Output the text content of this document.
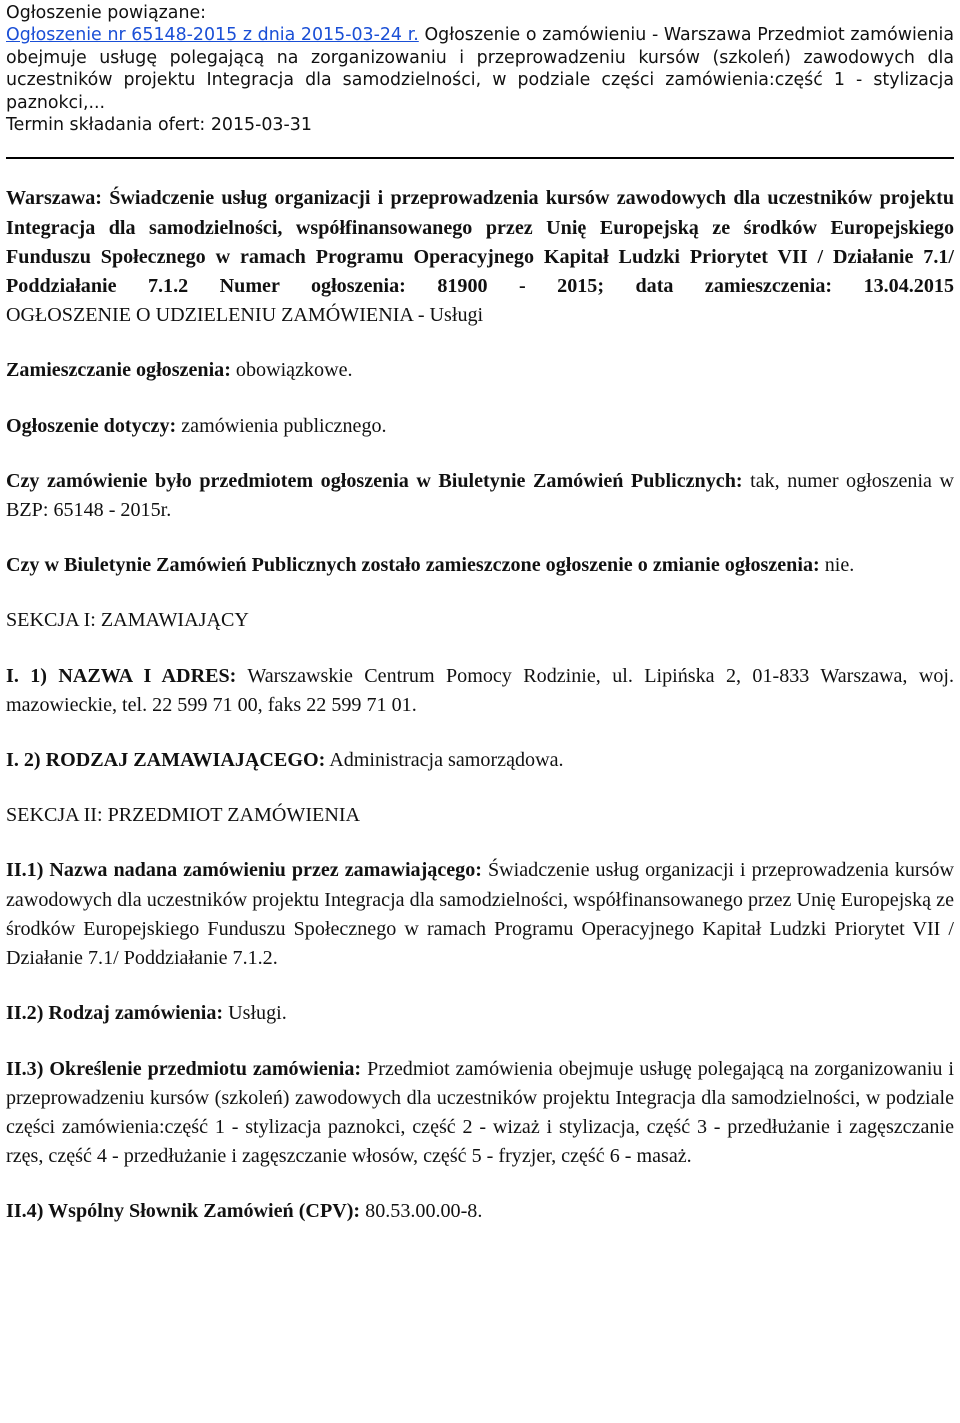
Ogłoszenie powiązane:
Ogłoszenie nr 65148-2015 z dnia 2015-03-24 r. Ogłoszenie o zamówieniu - Warszawa Przedmiot zamówienia obejmuje usługę polegającą na zorganizowaniu i przeprowadzeniu kursów (szkoleń) zawodowych dla uczestników projektu Integracja dla samodzielności, w podziale części zamówienia:część 1 - stylizacja paznokci,...
Termin składania ofert: 2015-03-31

Warszawa: Świadczenie usług organizacji i przeprowadzenia kursów zawodowych dla uczestników projektu Integracja dla samodzielności, współfinansowanego przez Unię Europejską ze środków Europejskiego Funduszu Społecznego w ramach Programu Operacyjnego Kapitał Ludzki Priorytet VII / Działanie 7.1/ Poddziałanie 7.1.2 Numer ogłoszenia: 81900 - 2015; data zamieszczenia: 13.04.2015

OGŁOSZENIE O UDZIELENIU ZAMÓWIENIA - Usługi

Zamieszczanie ogłoszenia: obowiązkowe.

Ogłoszenie dotyczy: zamówienia publicznego.

Czy zamówienie było przedmiotem ogłoszenia w Biuletynie Zamówień Publicznych: tak, numer ogłoszenia w BZP: 65148 - 2015r.

Czy w Biuletynie Zamówień Publicznych zostało zamieszczone ogłoszenie o zmianie ogłoszenia: nie.

SEKCJA I: ZAMAWIAJĄCY

I. 1) NAZWA I ADRES: Warszawskie Centrum Pomocy Rodzinie, ul. Lipińska 2, 01-833 Warszawa, woj. mazowieckie, tel. 22 599 71 00, faks 22 599 71 01.

I. 2) RODZAJ ZAMAWIAJĄCEGO: Administracja samorządowa.

SEKCJA II: PRZEDMIOT ZAMÓWIENIA

II.1) Nazwa nadana zamówieniu przez zamawiającego: Świadczenie usług organizacji i przeprowadzenia kursów zawodowych dla uczestników projektu Integracja dla samodzielności, współfinansowanego przez Unię Europejską ze środków Europejskiego Funduszu Społecznego w ramach Programu Operacyjnego Kapitał Ludzki Priorytet VII / Działanie 7.1/ Poddziałanie 7.1.2.

II.2) Rodzaj zamówienia: Usługi.

II.3) Określenie przedmiotu zamówienia: Przedmiot zamówienia obejmuje usługę polegającą na zorganizowaniu i przeprowadzeniu kursów (szkoleń) zawodowych dla uczestników projektu Integracja dla samodzielności, w podziale części zamówienia:część 1 - stylizacja paznokci, część 2 - wizaż i stylizacja, część 3 - przedłużanie i zagęszczanie rzęs, część 4 - przedłużanie i zagęszczanie włosów, część 5 - fryzjer, część 6 - masaż.

II.4) Wspólny Słownik Zamówień (CPV): 80.53.00.00-8.
